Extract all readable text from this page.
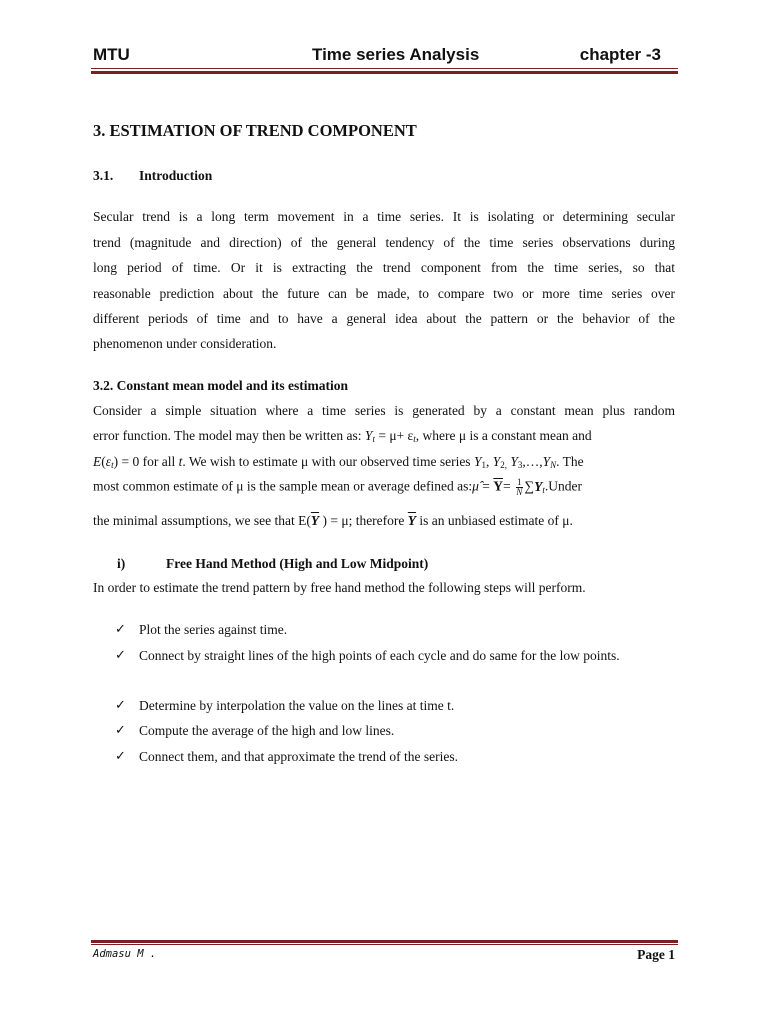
MTU	Time series Analysis	chapter -3
3. ESTIMATION OF TREND COMPONENT
3.1. Introduction
Secular trend is a long term movement in a time series. It is isolating or determining secular
trend (magnitude and direction) of the general tendency of the time series observations during
long period of time. Or it is extracting the trend component from the time series, so that
reasonable prediction about the future can be made, to compare two or more time series over
different periods of time and to have a general idea about the pattern or the behavior of the
phenomenon under consideration.
3.2. Constant mean model and its estimation
Consider a simple situation where a time series is generated by a constant mean plus random
error function. The model may then be written as: $Y_t = \mu+ \varepsilon_t$, where μ is a constant mean and
$E(\varepsilon_t) = 0$ for all t. We wish to estimate μ with our observed time series $Y_1$, $Y_{2,}$ $Y_3,\dots,Y_N$. The
most common estimate of μ is the sample mean or average defined as:μ̂ = $\overline{Y}= \frac{1}{N}$ $\sum Y_t.Under$
the minimal assumptions, we see that $E(\overline{Y}$ ) = μ; therefore $\overline{Y}$ is an unbiased estimate of μ.
i)	Free Hand Method (High and Low Midpoint)
In order to estimate the trend pattern by free hand method the following steps will perform.
✓ Plot the series against time.
✓ Connect by straight lines of the high points of each cycle and do same for the low points.
✓ Determine by interpolation the value on the lines at time t.
✓ Compute the average of the high and low lines.
✓ Connect them, and that approximate the trend of the series.
Admasu M .	Page 1
